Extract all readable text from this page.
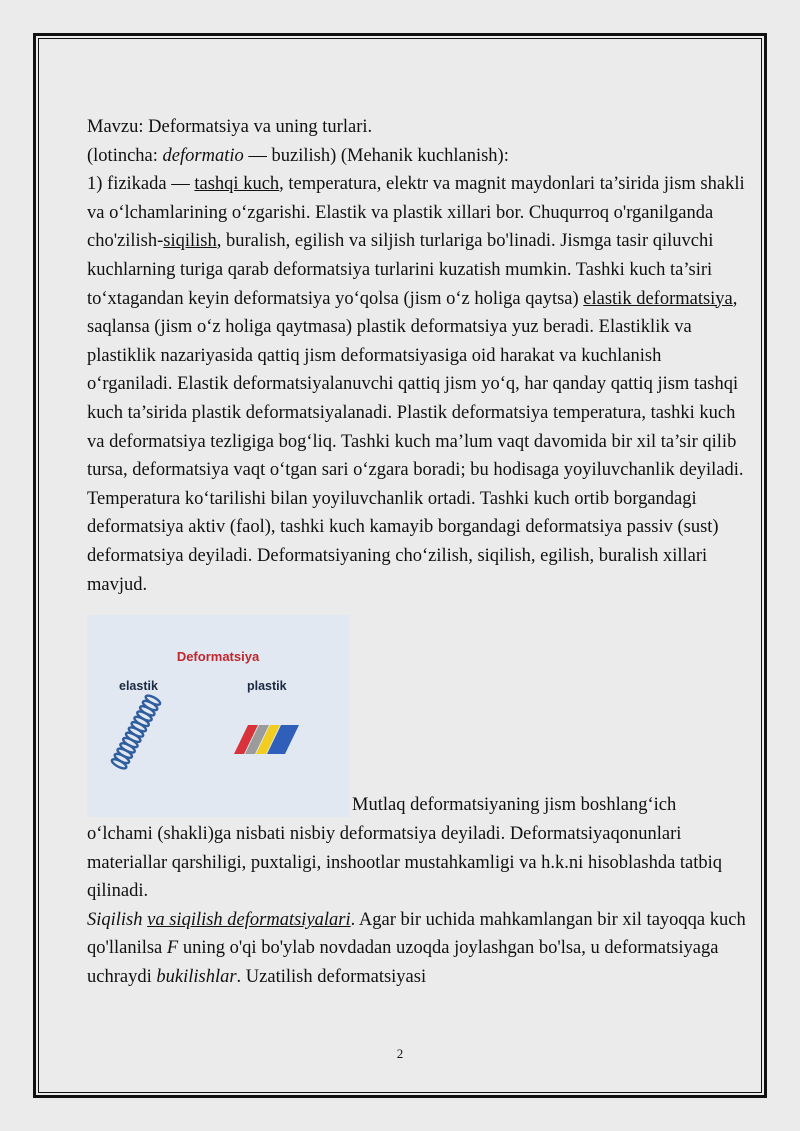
Mavzu: Deformatsiya va uning turlari.

(lotincha: deformatio — buzilish) (Mehanik kuchlanish):

1) fizikada — tashqi kuch, temperatura, elektr va magnit maydonlari ta’sirida jism shakli va o‘lchamlarining o‘zgarishi. Elastik va plastik xillari bor. Chuqurroq o'rganilganda cho'zilish-siqilish, buralish, egilish va siljish turlariga bo'linadi. Jismga tasir qiluvchi kuchlarning turiga qarab deformatsiya turlarini kuzatish mumkin. Tashki kuch ta’siri to‘xtagandan keyin deformatsiya yo‘qolsa (jism o‘z holiga qaytsa) elastik deformatsiya, saqlansa (jism o‘z holiga qaytmasa) plastik deformatsiya yuz beradi. Elastiklik va plastiklik nazariyasida qattiq jism deformatsiyasiga oid harakat va kuchlanish o‘rganiladi. Elastik deformatsiyalanuvchi qattiq jism yo‘q, har qanday qattiq jism tashqi kuch ta’sirida plastik deformatsiyalanadi. Plastik deformatsiya temperatura, tashki kuch va deformatsiya tezligiga bog‘liq. Tashki kuch ma’lum vaqt davomida bir xil ta’sir qilib tursa, deformatsiya vaqt o‘tgan sari o‘zgara boradi; bu hodisaga yoyiluvchanlik deyiladi. Temperatura ko‘tarilishi bilan yoyiluvchanlik ortadi. Tashki kuch ortib borgandagi deformatsiya aktiv (faol), tashki kuch kamayib borgandagi deformatsiya passiv (sust) deformatsiya deyiladi. Deformatsiyaning cho‘zilish, siqilish, egilish, buralish xillari mavjud.

Deformatsiya
elastik	plastik
Mutlaq deformatsiyaning jism boshlang‘ich

o‘lchami (shakli)ga nisbati nisbiy deformatsiya deyiladi. Deformatsiyaqonunlari materiallar qarshiligi, puxtaligi, inshootlar mustahkamligi va h.k.ni hisoblashda tatbiq qilinadi.

Siqilish va siqilish deformatsiyalari. Agar bir uchida mahkamlangan bir xil tayoqqa kuch qo'llanilsa F uning o'qi bo'ylab novdadan uzoqda joylashgan bo'lsa, u deformatsiyaga uchraydi bukilishlar. Uzatilish deformatsiyasi

2
